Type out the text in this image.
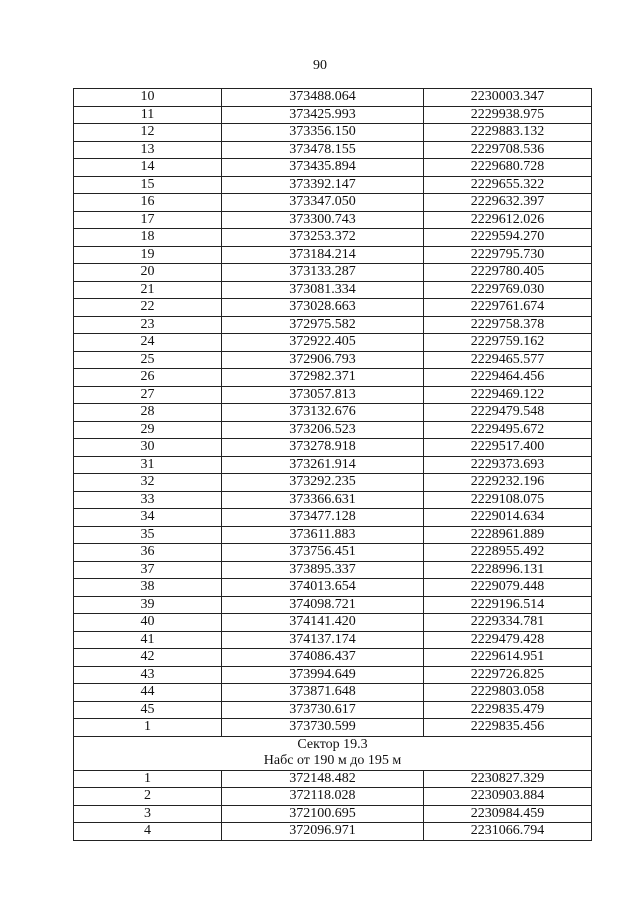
90
10	373488.064	2230003.347
11	373425.993	2229938.975
12	373356.150	2229883.132
13	373478.155	2229708.536
14	373435.894	2229680.728
15	373392.147	2229655.322
16	373347.050	2229632.397
17	373300.743	2229612.026
18	373253.372	2229594.270
19	373184.214	2229795.730
20	373133.287	2229780.405
21	373081.334	2229769.030
22	373028.663	2229761.674
23	372975.582	2229758.378
24	372922.405	2229759.162
25	372906.793	2229465.577
26	372982.371	2229464.456
27	373057.813	2229469.122
28	373132.676	2229479.548
29	373206.523	2229495.672
30	373278.918	2229517.400
31	373261.914	2229373.693
32	373292.235	2229232.196
33	373366.631	2229108.075
34	373477.128	2229014.634
35	373611.883	2228961.889
36	373756.451	2228955.492
37	373895.337	2228996.131
38	374013.654	2229079.448
39	374098.721	2229196.514
40	374141.420	2229334.781
41	374137.174	2229479.428
42	374086.437	2229614.951
43	373994.649	2229726.825
44	373871.648	2229803.058
45	373730.617	2229835.479
1	373730.599	2229835.456

Сектор 19.3
Набс от 190 м до 195 м		

1	372148.482	2230827.329
2	372118.028	2230903.884
3	372100.695	2230984.459
4	372096.971	2231066.794
